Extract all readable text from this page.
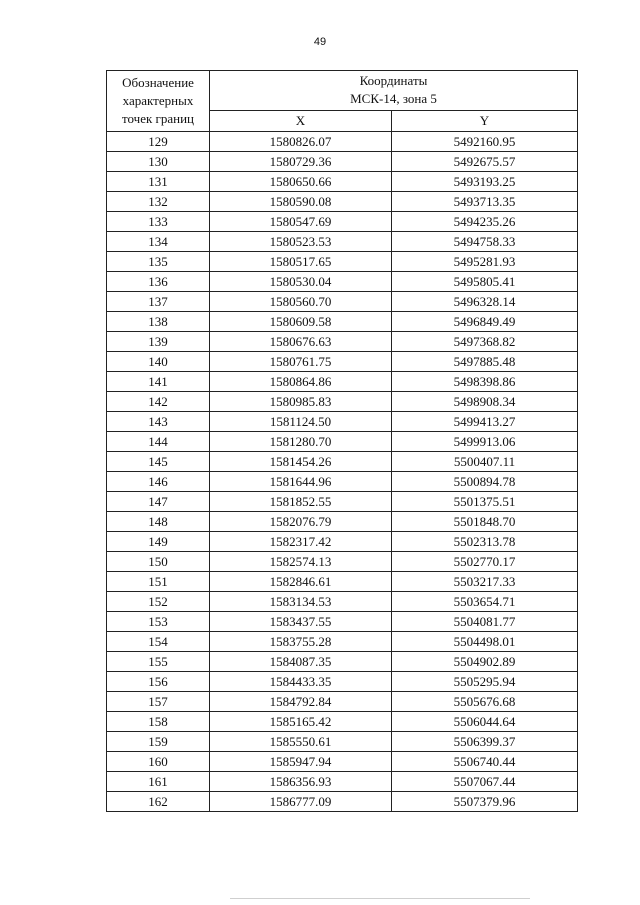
49
Обозначение характерных точек границ	Координаты
МСК-14, зона 5	

	X	Y
129	1580826.07	5492160.95
130	1580729.36	5492675.57
131	1580650.66	5493193.25
132	1580590.08	5493713.35
133	1580547.69	5494235.26
134	1580523.53	5494758.33
135	1580517.65	5495281.93
136	1580530.04	5495805.41
137	1580560.70	5496328.14
138	1580609.58	5496849.49
139	1580676.63	5497368.82
140	1580761.75	5497885.48
141	1580864.86	5498398.86
142	1580985.83	5498908.34
143	1581124.50	5499413.27
144	1581280.70	5499913.06
145	1581454.26	5500407.11
146	1581644.96	5500894.78
147	1581852.55	5501375.51
148	1582076.79	5501848.70
149	1582317.42	5502313.78
150	1582574.13	5502770.17
151	1582846.61	5503217.33
152	1583134.53	5503654.71
153	1583437.55	5504081.77
154	1583755.28	5504498.01
155	1584087.35	5504902.89
156	1584433.35	5505295.94
157	1584792.84	5505676.68
158	1585165.42	5506044.64
159	1585550.61	5506399.37
160	1585947.94	5506740.44
161	1586356.93	5507067.44
162	1586777.09	5507379.96
